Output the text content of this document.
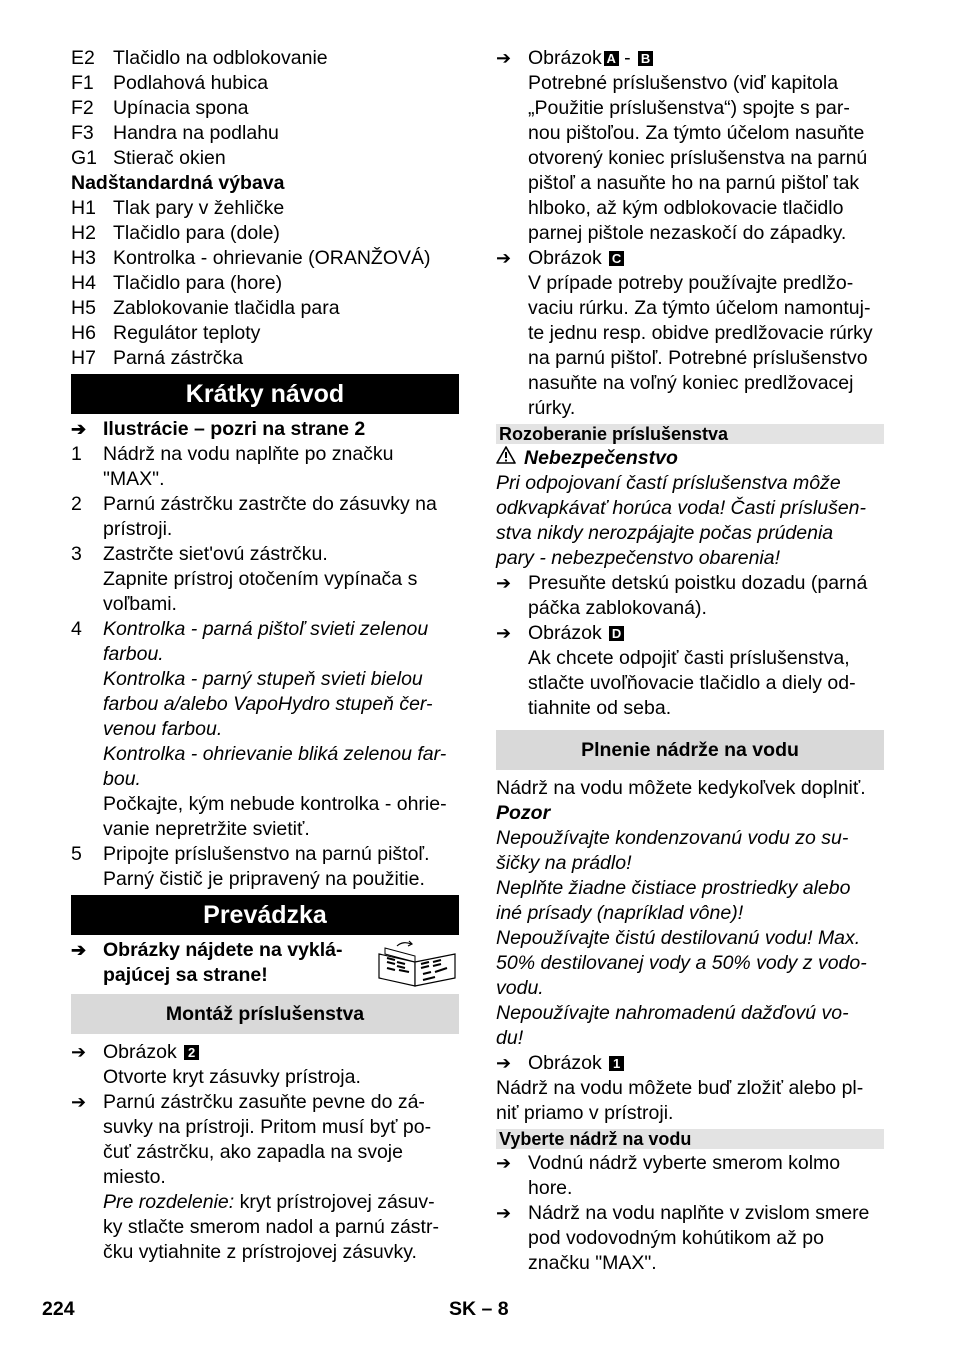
E2 Tlačidlo na odblokovanie
F1 Podlahová hubica
F2 Upínacia spona
F3 Handra na podlahu
G1 Stierač okien
Nadštandardná výbava
H1 Tlak pary v žehličke
H2 Tlačidlo para (dole)
H3 Kontrolka - ohrievanie (ORANŽOVÁ)
H4 Tlačidlo para (hore)
H5 Zablokovanie tlačidla para
H6 Regulátor teploty
H7 Parná zástrčka
Krátky návod
➔ Ilustrácie – pozri na strane 2
1 Nádrž na vodu naplňte po značku
"MAX".
2 Parnú zástrčku zastrčte do zásuvky na
prístroji.
3 Zastrčte siet'ovú zástrčku.
Zapnite prístroj otočením vypínača s
voľbami.
4 Kontrolka - parná pištoľ svieti zelenou
farbou.
Kontrolka - parný stupeň svieti bielou
farbou a/alebo VapoHydro stupeň čer-
venou farbou.
Kontrolka - ohrievanie bliká zelenou far-
bou.
Počkajte, kým nebude kontrolka - ohrie-
vanie nepretržite svietiť.
5 Pripojte príslušenstvo na parnú pištoľ.
Parný čistič je pripravený na použitie.
Prevádzka
➔ Obrázky nájdete na vyklá-
pajúcej sa strane!
Montáž príslušenstva
➔ Obrázok 2
Otvorte kryt zásuvky prístroja.
➔ Parnú zástrčku zasuňte pevne do zá-
suvky na prístroji. Pritom musí byť po-
čuť zástrčku, ako zapadla na svoje
miesto.
Pre rozdelenie: kryt prístrojovej zásuv-
ky stlačte smerom nadol a parnú zástr-
čku vytiahnite z prístrojovej zásuvky.
➔ Obrázok A - B
Potrebné príslušenstvo (viď kapitola
„Použitie príslušenstva“) spojte s par-
nou pištoľou. Za týmto účelom nasuňte
otvorený koniec príslušenstva na parnú
pištoľ a nasuňte ho na parnú pištoľ tak
hlboko, až kým odblokovacie tlačidlo
parnej pištole nezaskočí do západky.
➔ Obrázok C
V prípade potreby používajte predlžo-
vaciu rúrku. Za týmto účelom namontuj-
te jednu resp. obidve predlžovacie rúrky
na parnú pištoľ. Potrebné príslušenstvo
nasuňte na voľný koniec predlžovacej
rúrky.
Rozoberanie príslušenstva
Nebezpečenstvo
Pri odpojovaní častí príslušenstva môže
odkvapkávať horúca voda! Časti príslušen-
stva nikdy nerozpájajte počas prúdenia
pary - nebezpečenstvo obarenia!
➔ Presuňte detskú poistku dozadu (parná
páčka zablokovaná).
➔ Obrázok D
Ak chcete odpojiť časti príslušenstva,
stlačte uvoľňovacie tlačidlo a diely od-
tiahnite od seba.
Plnenie nádrže na vodu
Nádrž na vodu môžete kedykoľvek doplniť.
Pozor
Nepoužívajte kondenzovanú vodu zo su-
šičky na prádlo!
Neplňte žiadne čistiace prostriedky alebo
iné prísady (napríklad vône)!
Nepoužívajte čistú destilovanú vodu! Max.
50% destilovanej vody a 50% vody z vodo-
vodu.
Nepoužívajte nahromadenú dažďovú vo-
du!
➔ Obrázok 1
Nádrž na vodu môžete buď zložiť alebo pl-
niť priamo v prístroji.
Vyberte nádrž na vodu
➔ Vodnú nádrž vyberte smerom kolmo
hore.
➔ Nádrž na vodu naplňte v zvislom smere
pod vodovodným kohútikom až po
značku "MAX".
224	SK – 8
